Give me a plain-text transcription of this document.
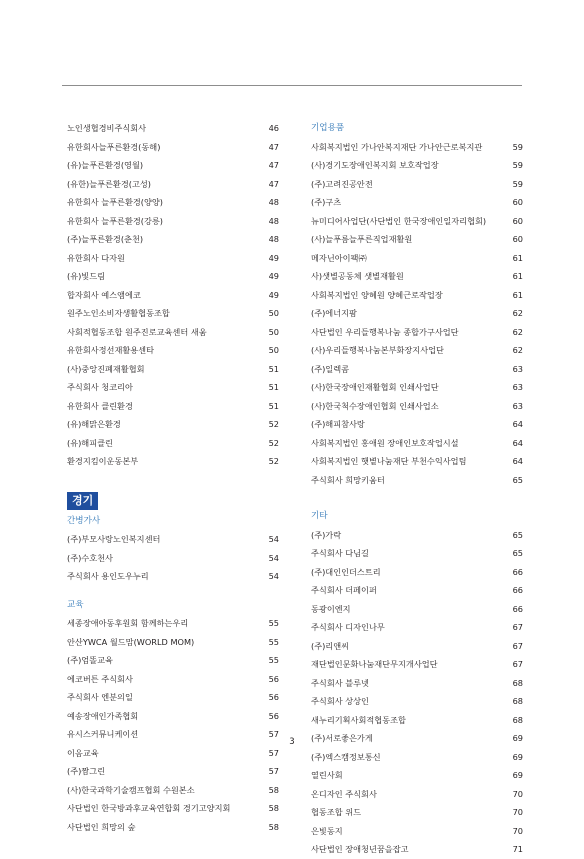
노인생협경비주식회사	46
유한회사늘푸른환경(동해)	47
(유)늘푸른환경(영월)	47
(유한)늘푸른환경(고성)	47
유한회사 늘푸른환경(양양)	48
유한회사 늘푸른환경(강릉)	48
(주)늘푸른환경(춘천)	48
유한회사 다자원	49
(유)빛드림	49
합자회사 예스앰에코	49
원주노인소비자생활협동조합	50
사회적협동조합 원주진로교육센터 새움	50
유한회사정선재활용센타	50
(사)중앙진폐재활협회	51
주식회사 청코리아	51
유한회사 클린환경	51
(유)해맑은환경	52
(유)해피클린	52
환경지킴이운동본부	52
경기
간병가사
(주)부모사랑노인복지센터	54
(주)수호천사	54
주식회사 용인도우누리	54
교육
세종장애아동후원회 함께하는우리	55
안산YWCA 월드맘(WORLD MOM)	55
(주)엄똘교육	55
에코버튼 주식회사	56
주식회사 엔분의일	56
예송장애인가족협회	56
유시스커뮤니케이션	57
이음교육	57
(주)짬그린	57
(사)한국과학기술캠프협회 수원본소	58
사단법인 한국방과후교육연합회 경기고양지회	58
사단법인 희망의 숲	58
기업용품
사회복지법인 가나안복지재단 가나안근로복지관	59
(사)경기도장애인복지회 보호작업장	59
(주)고려진공안전	59
(주)구츠	60
뉴미디어사업단(사단법인 한국장애인일자리협회)	60
(사)늘푸름늘푸른직업재활원	60
메자닌아이팩㈜	61
사)샛별공동체 샛별재활원	61
사회복지법인 양혜원 양혜근로작업장	61
(주)에너지팜	62
사단법인 우리들행복나눔 종합가구사업단	62
(사)우리들행복나눔본부화장지사업단	62
(주)일렉콤	63
(사)한국장애인재활협회 인쇄사업단	63
(사)한국척수장애인협회 인쇄사업소	63
(주)해피참사랑	64
사회복지법인 홍애원 장애인보호작업시설	64
사회복지법인 햇볕나눔재단 부천수익사업팀	64
주식회사 희망키움터	65
기타
(주)가락	65
주식회사 다님길	65
(주)대인인더스트리	66
주식회사 더페이퍼	66
동광이엔지	66
주식회사 디자인나무	67
(주)리앤씨	67
재단법인문화나눔재단무지개사업단	67
주식회사 블루넷	68
주식회사 상상인	68
새누리기획사회적협동조합	68
(주)서로좋은가게	69
(주)엑스캠정보통신	69
열린사회	69
온디자인 주식회사	70
협동조합 위드	70
은빛동지	70
사단법인 장애청년꿈을잡고	71
3
